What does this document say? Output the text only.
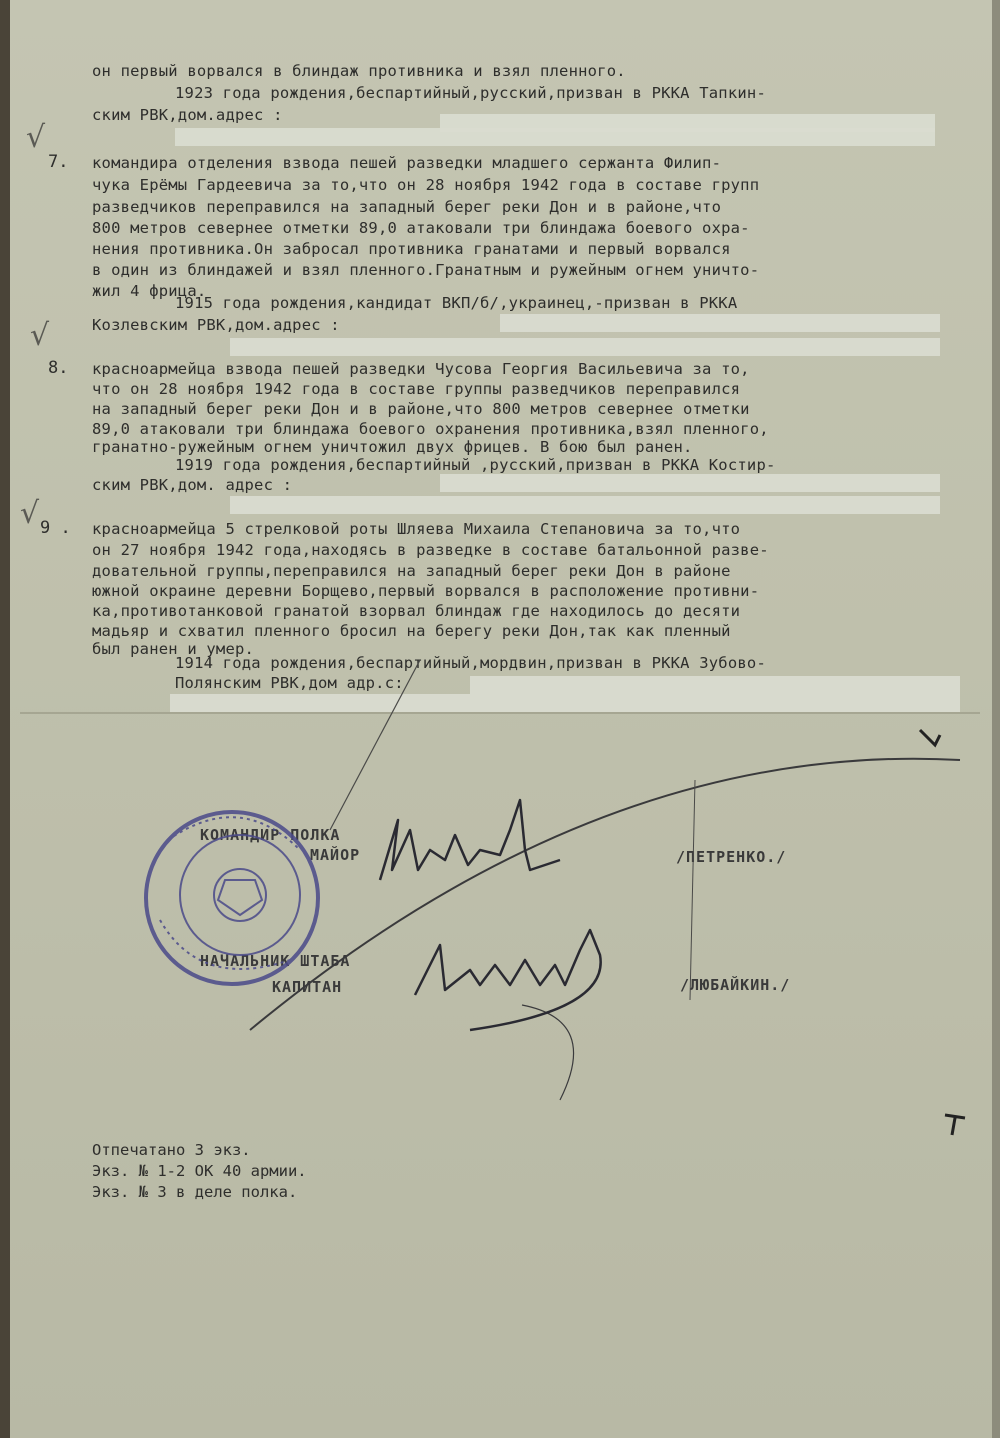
он первый ворвался в блиндаж противника и взял пленного.
1923 года рождения,беспартийный,русский,призван в РККА Тапкин-
ским РВК,дом.адрес :
√
7. командира отделения взвода пешей разведки младшего сержанта Филип-
чука Ерёмы Гардеевича за то,что он 28 ноября 1942 года в составе групп
разведчиков переправился на западный берег реки Дон и в районе,что
800 метров севернее отметки 89,0 атаковали три блиндажа боевого охра-
нения противника.Он забросал противника гранатами и первый ворвался
в один из блиндажей и взял пленного.Гранатным и ружейным огнем уничто-
жил 4 фрица.
1915 года рождения,кандидат ВКП/б/,украинец,-призван в РККА
Козлевским РВК,дом.адрес :
√
8. красноармейца взвода пешей разведки Чусова Георгия Васильевича за то,
что он 28 ноября 1942 года в составе группы разведчиков переправился
на западный берег реки Дон и в районе,что 800 метров севернее отметки
89,0 атаковали три блиндажа боевого охранения противника,взял пленного,
гранатно-ружейным огнем уничтожил двух фрицев. В бою был ранен.
1919 года рождения,беспартийный ,русский,призван в РККА Костир-
ским РВК,дом. адрес :
√ 9 . красноармейца 5 стрелковой роты Шляева Михаила Степановича за то,что
он 27 ноября 1942 года,находясь в разведке в составе батальонной разве-
довательной группы,переправился на западный берег реки Дон в районе
южной окраине деревни Борщево,первый ворвался в расположение противни-
ка,противотанковой гранатой взорвал блиндаж где находилось до десяти
мадьяр и схватил пленного бросил на берегу реки Дон,так как пленный
был ранен и умер.
1914 года рождения,беспартийный,мордвин,призван в РККА Зубово-
Полянским РВК,дом адр.с:
КОМАНДИР ПОЛКА
МАЙОР	/ПЕТРЕНКО./
НАЧАЛЬНИК ШТАБА
КАПИТАН	/ЛЮБАЙКИН./
Отпечатано 3 экз.
Экз. № 1-2 ОК 40 армии.
Экз. № 3 в деле полка.
